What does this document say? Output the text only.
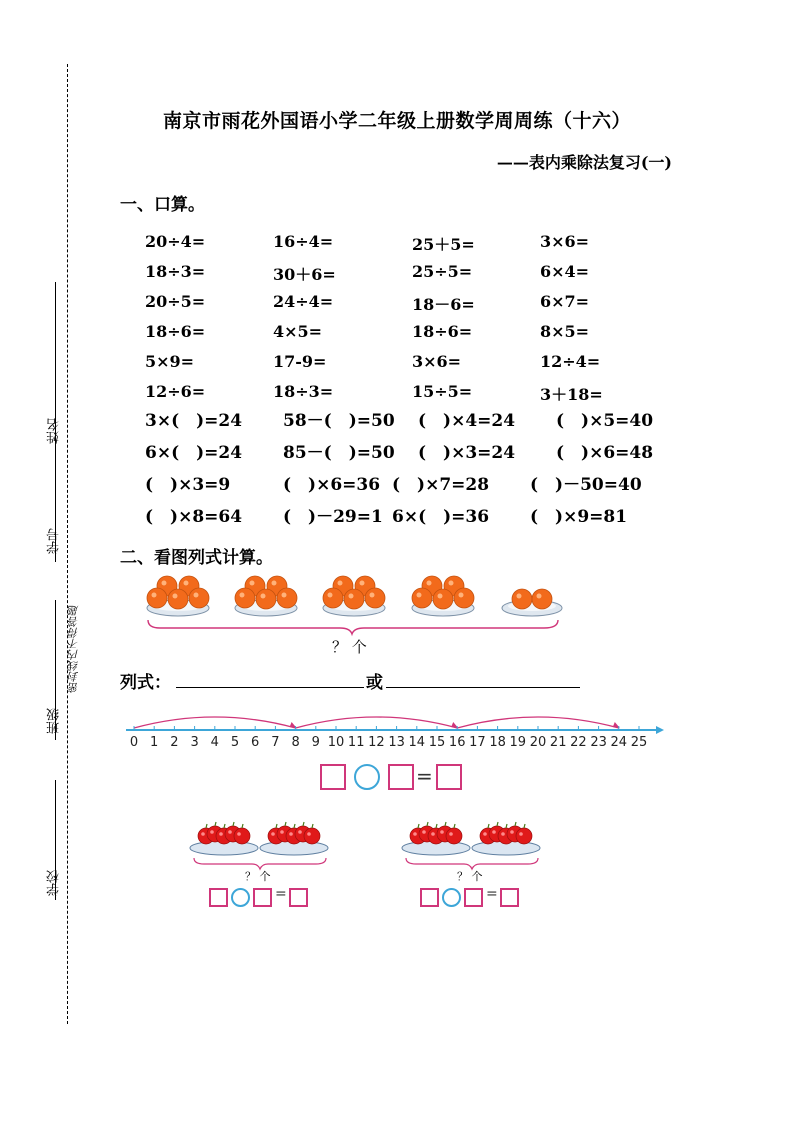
姓名
学号
班级
学校
密封线内不得答题
南京市雨花外国语小学二年级上册数学周周练（十六）
——表内乘除法复习(一)
一、口算。
20÷4=	16÷4=	25＋5=	3×6=
18÷3=	30＋6=	25÷5=	6×4=
20÷5=	24÷4=	18－6=	6×7=
18÷6=	4×5=	18÷6=	8×5=
5×9=	17-9=	3×6=	12÷4=
12÷6=	18÷3=	15÷5=	3＋18=
3×(　)=24 58－(　)=50 (　)×4=24 (　)×5=40
6×(　)=24 85－(　)=50 (　)×3=24 (　)×6=48
(　)×3=9	(　)×6=36 (　)×7=28 (　)－50=40
(　)×8=64 (　)－29=1 6×(　)=36 (　)×9=81
二、看图列式计算。
？ 个
列式：	或
0 1 2 3 4 5 6 7 8 9 10 11 12 13 14 15 16 17 18 19 20 21 22 23 24 25
=
？ 个
=
？ 个
=
